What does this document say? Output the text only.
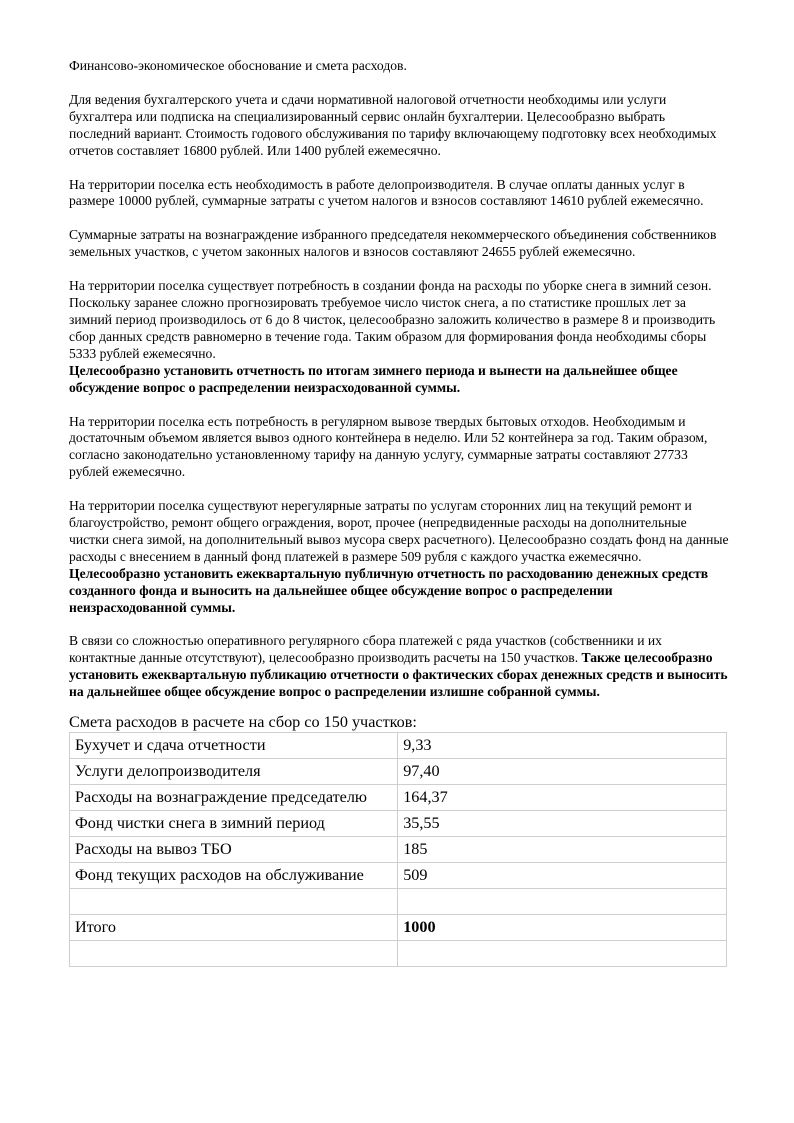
Финансово-экономическое обоснование и смета расходов.

Для ведения бухгалтерского учета и сдачи нормативной налоговой отчетности необходимы или услуги бухгалтера или подписка на специализированный сервис онлайн бухгалтерии. Целесообразно выбрать последний вариант. Стоимость годового обслуживания по тарифу включающему подготовку всех необходимых отчетов составляет 16800 рублей. Или 1400 рублей ежемесячно.

На территории поселка есть необходимость в работе делопроизводителя. В случае оплаты данных услуг в размере 10000 рублей, суммарные затраты с учетом налогов и взносов составляют 14610 рублей ежемесячно.

Суммарные затраты на вознаграждение избранного председателя некоммерческого объединения собственников земельных участков, с учетом законных налогов и взносов составляют 24655 рублей ежемесячно.

На территории поселка существует потребность в создании фонда на расходы по уборке снега в зимний сезон. Поскольку заранее сложно прогнозировать требуемое число чисток снега, а по статистике прошлых лет за зимний период производилось от 6 до 8 чисток, целесообразно заложить количество в размере 8 и производить сбор данных средств равномерно в течение года. Таким образом для формирования фонда необходимы сборы 5333 рублей ежемесячно.

Целесообразно установить отчетность по итогам зимнего периода и вынести на дальнейшее общее обсуждение вопрос о распределении неизрасходованной суммы.

На территории поселка есть потребность в регулярном вывозе твердых бытовых отходов. Необходимым и достаточным объемом является вывоз одного контейнера в неделю. Или 52 контейнера за год. Таким образом, согласно законодательно установленному тарифу на данную услугу, суммарные затраты составляют 27733 рублей ежемесячно.

На территории поселка существуют нерегулярные затраты по услугам сторонних лиц на текущий ремонт и благоустройство, ремонт общего ограждения, ворот, прочее (непредвиденные расходы на дополнительные чистки снега зимой, на дополнительный вывоз мусора сверх расчетного). Целесообразно создать фонд на данные расходы с внесением в данный фонд платежей в размере 509 рубля с каждого участка ежемесячно.

Целесообразно установить ежеквартальную публичную отчетность по расходованию денежных средств созданного фонда и выносить на дальнейшее общее обсуждение вопрос о распределении неизрасходованной суммы.

В связи со сложностью оперативного регулярного сбора платежей с ряда участков (собственники и их контактные данные отсутствуют), целесообразно производить расчеты на 150 участков. Также целесообразно установить ежеквартальную публикацию отчетности о фактических сборах денежных средств и выносить на дальнейшее общее обсуждение вопрос о распределении излишне собранной суммы.

Смета расходов в расчете на сбор со 150 участков:

Бухучет и сдача отчетности	9,33
Услуги делопроизводителя	97,40
Расходы на вознаграждение председателю	164,37
Фонд чистки снега в зимний период	35,55
Расходы на вывоз ТБО	185
Фонд текущих расходов на обслуживание	509

Итого	1000
